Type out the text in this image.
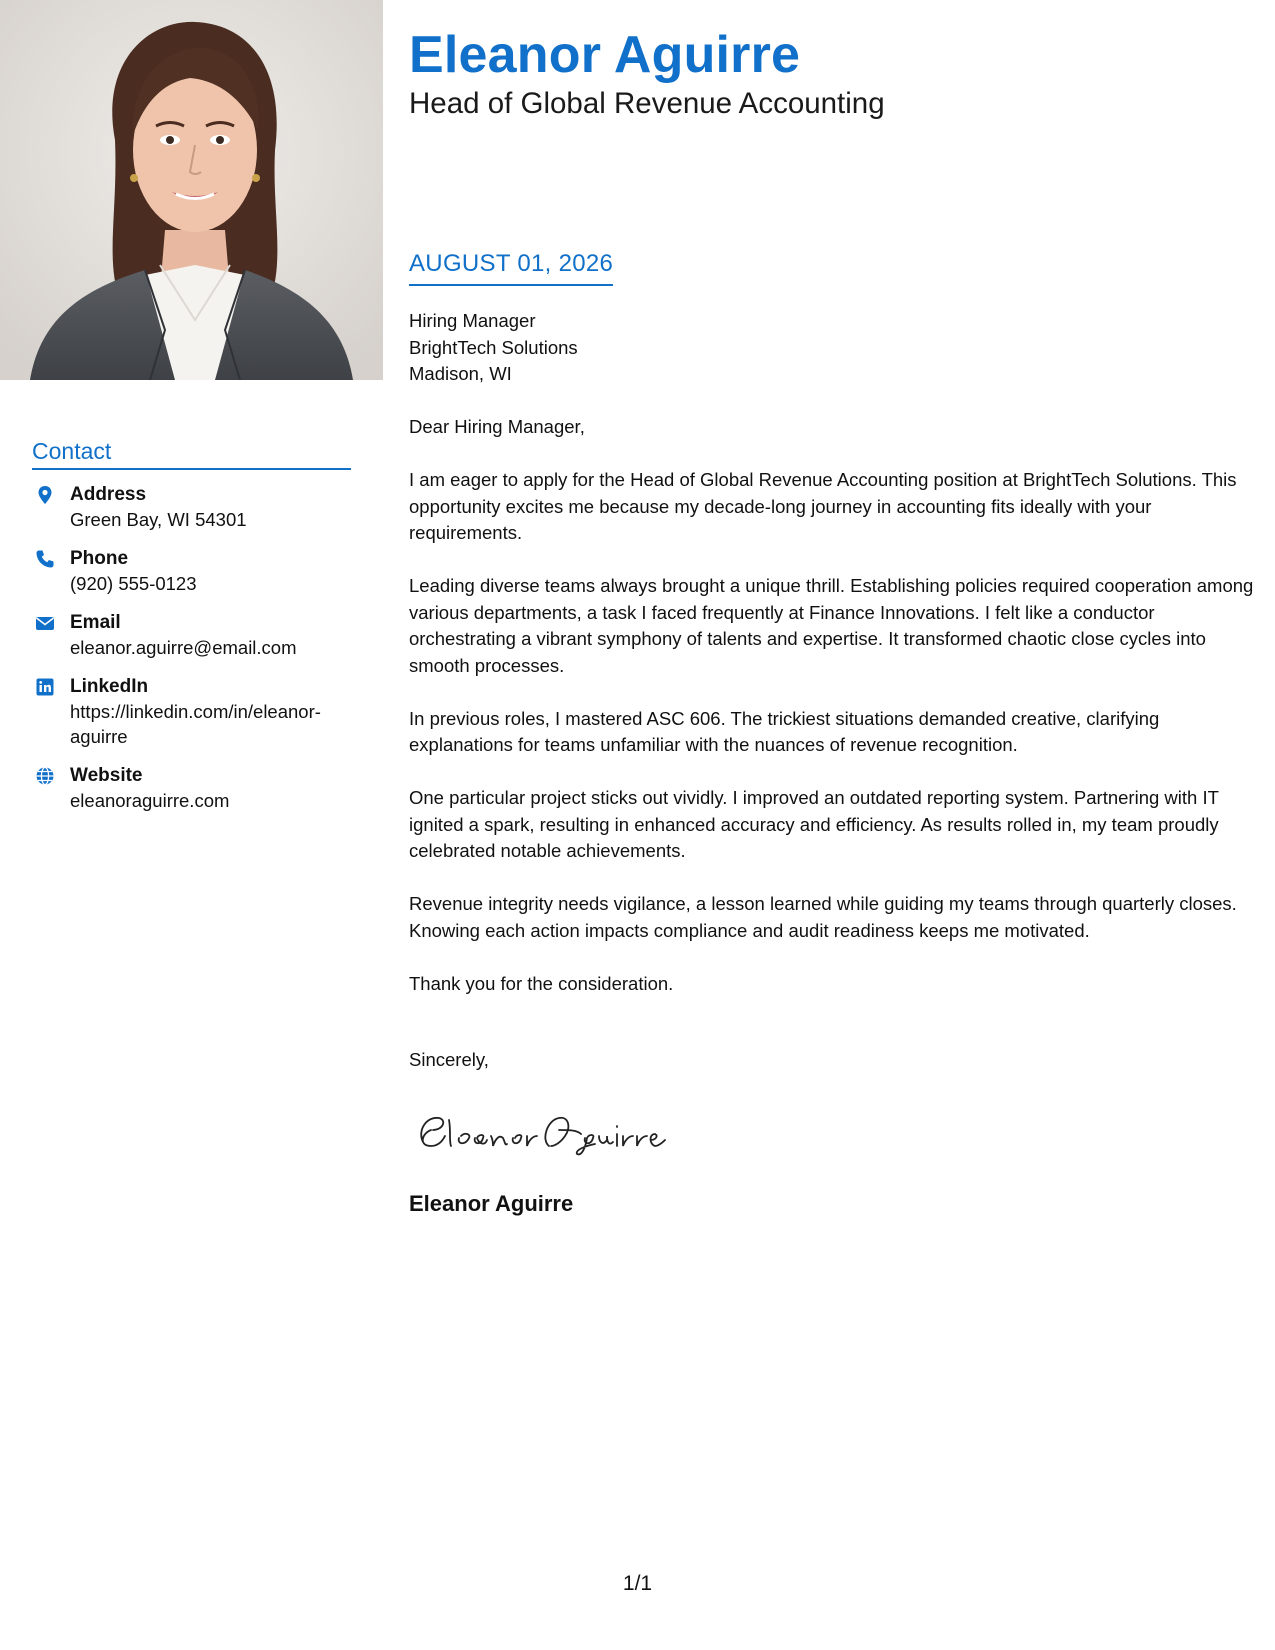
Contact
Address
Green Bay, WI 54301
Phone
(920) 555-0123
Email
eleanor.aguirre@email.com
LinkedIn
https://linkedin.com/in/eleanor-aguirre
Website
eleanoraguirre.com
Eleanor Aguirre
Head of Global Revenue Accounting
AUGUST 01, 2026
Hiring Manager
BrightTech Solutions
Madison, WI

Dear Hiring Manager,

I am eager to apply for the Head of Global Revenue Accounting position at BrightTech Solutions. This opportunity excites me because my decade-long journey in accounting fits ideally with your requirements.

Leading diverse teams always brought a unique thrill. Establishing policies required cooperation among various departments, a task I faced frequently at Finance Innovations. I felt like a conductor orchestrating a vibrant symphony of talents and expertise. It transformed chaotic close cycles into smooth processes.

In previous roles, I mastered ASC 606. The trickiest situations demanded creative, clarifying explanations for teams unfamiliar with the nuances of revenue recognition.

One particular project sticks out vividly. I improved an outdated reporting system. Partnering with IT ignited a spark, resulting in enhanced accuracy and efficiency. As results rolled in, my team proudly celebrated notable achievements.

Revenue integrity needs vigilance, a lesson learned while guiding my teams through quarterly closes. Knowing each action impacts compliance and audit readiness keeps me motivated.

Thank you for the consideration.

Sincerely,
Eleanor Aguirre
1/1
